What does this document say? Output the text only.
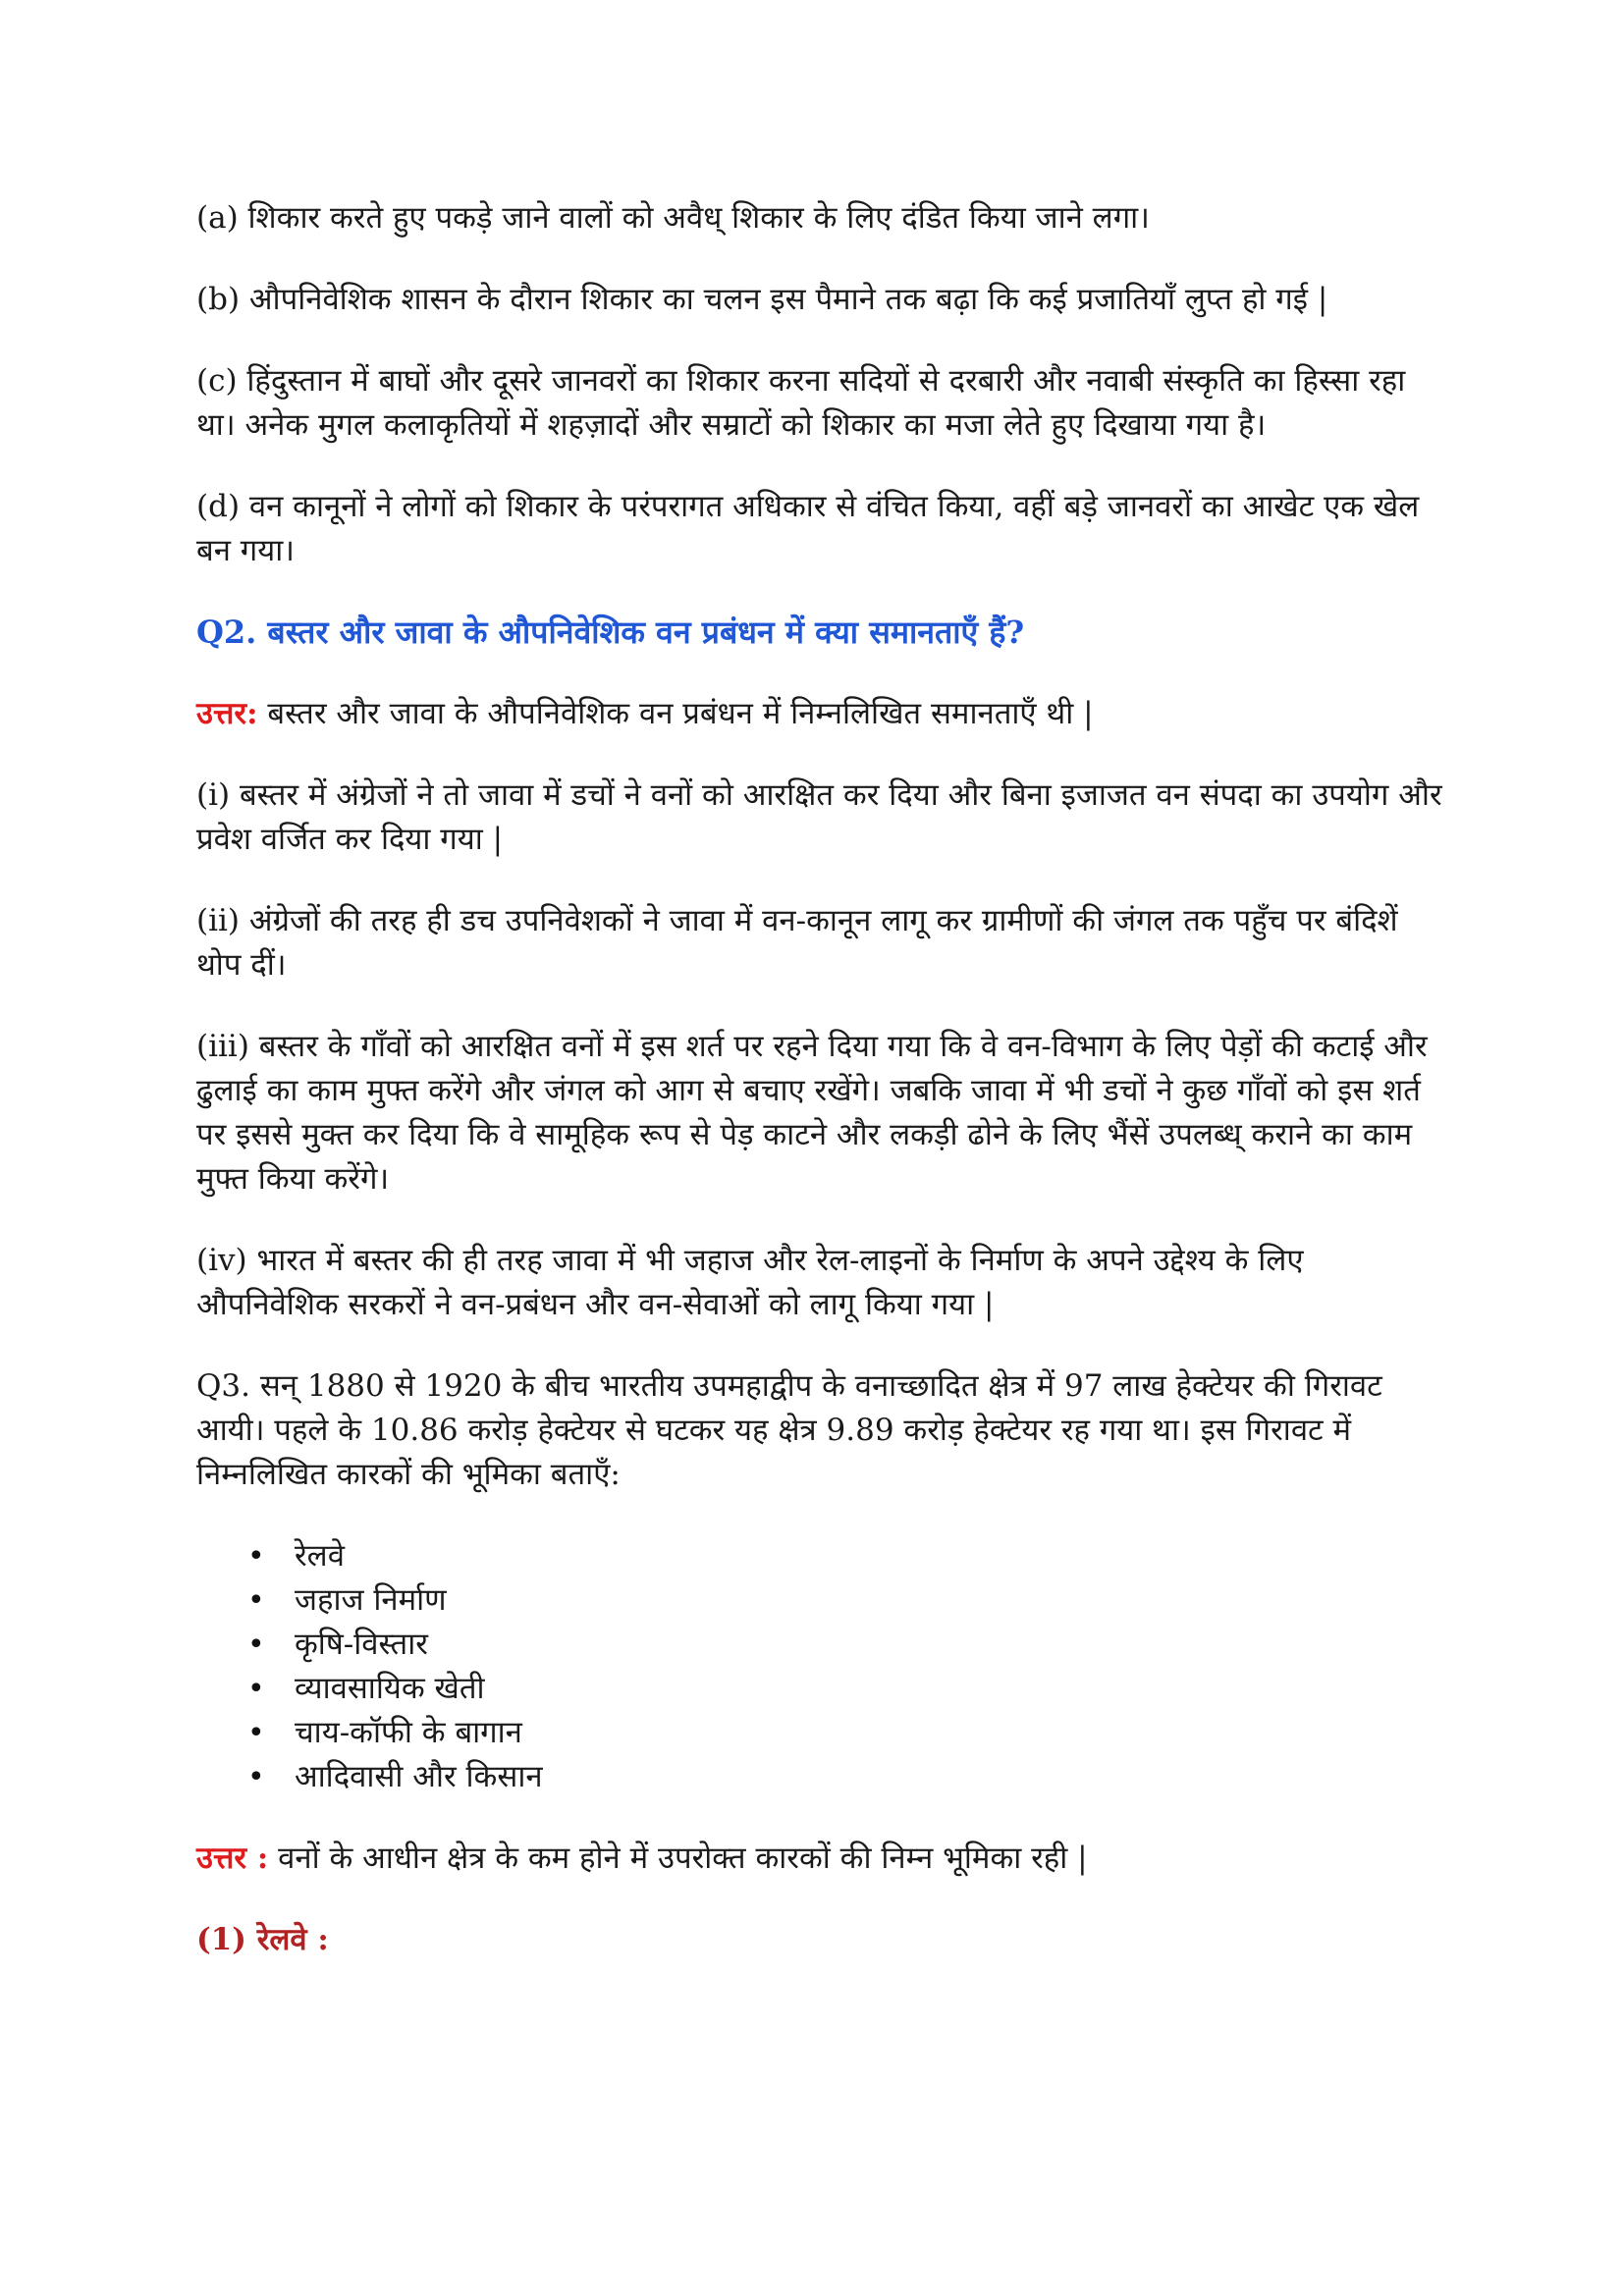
(a) शिकार करते हुए पकड़े जाने वालों को अवैध् शिकार के लिए दंडित किया जाने लगा।

(b) औपनिवेशिक शासन के दौरान शिकार का चलन इस पैमाने तक बढ़ा कि कई प्रजातियाँ लुप्त हो गई |

(c) हिंदुस्तान में बाघों और दूसरे जानवरों का शिकार करना सदियों से दरबारी और नवाबी संस्कृति का हिस्सा रहा था। अनेक मुगल कलाकृतियों में शहज़ादों और सम्राटों को शिकार का मजा लेते हुए दिखाया गया है।

(d) वन कानूनों ने लोगों को शिकार के परंपरागत अधिकार से वंचित किया, वहीं बड़े जानवरों का आखेट एक खेल बन गया।

Q2. बस्तर और जावा के औपनिवेशिक वन प्रबंधन में क्या समानताएँ हैं?

उत्तर: बस्तर और जावा के औपनिवेशिक वन प्रबंधन में निम्नलिखित समानताएँ थी |

(i) बस्तर में अंग्रेजों ने तो जावा में डचों ने वनों को आरक्षित कर दिया और बिना इजाजत वन संपदा का उपयोग और प्रवेश वर्जित कर दिया गया |

(ii) अंग्रेजों की तरह ही डच उपनिवेशकों ने जावा में वन-कानून लागू कर ग्रामीणों की जंगल तक पहुँच पर बंदिशें थोप दीं।

(iii) बस्तर के गाँवों को आरक्षित वनों में इस शर्त पर रहने दिया गया कि वे वन-विभाग के लिए पेड़ों की कटाई और ढुलाई का काम मुफ्त करेंगे और जंगल को आग से बचाए रखेंगे। जबकि जावा में भी डचों ने कुछ गाँवों को इस शर्त पर इससे मुक्त कर दिया कि वे सामूहिक रूप से पेड़ काटने और लकड़ी ढोने के लिए भैंसें उपलब्ध् कराने का काम मुफ्त किया करेंगे।

(iv) भारत में बस्तर की ही तरह जावा में भी जहाज और रेल-लाइनों के निर्माण के अपने उद्देश्य के लिए औपनिवेशिक सरकरों ने वन-प्रबंधन और वन-सेवाओं को लागू किया गया |

Q3. सन् 1880 से 1920 के बीच भारतीय उपमहाद्वीप के वनाच्छादित क्षेत्र में 97 लाख हेक्टेयर की गिरावट आयी। पहले के 10.86 करोड़ हेक्टेयर से घटकर यह क्षेत्र 9.89 करोड़ हेक्टेयर रह गया था। इस गिरावट में निम्नलिखित कारकों की भूमिका बताएँ:

• रेलवे
• जहाज निर्माण
• कृषि-विस्तार
• व्यावसायिक खेती
• चाय-कॉफी के बागान
• आदिवासी और किसान

उत्तर : वनों के आधीन क्षेत्र के कम होने में उपरोक्त कारकों की निम्न भूमिका रही |

(1) रेलवे :
